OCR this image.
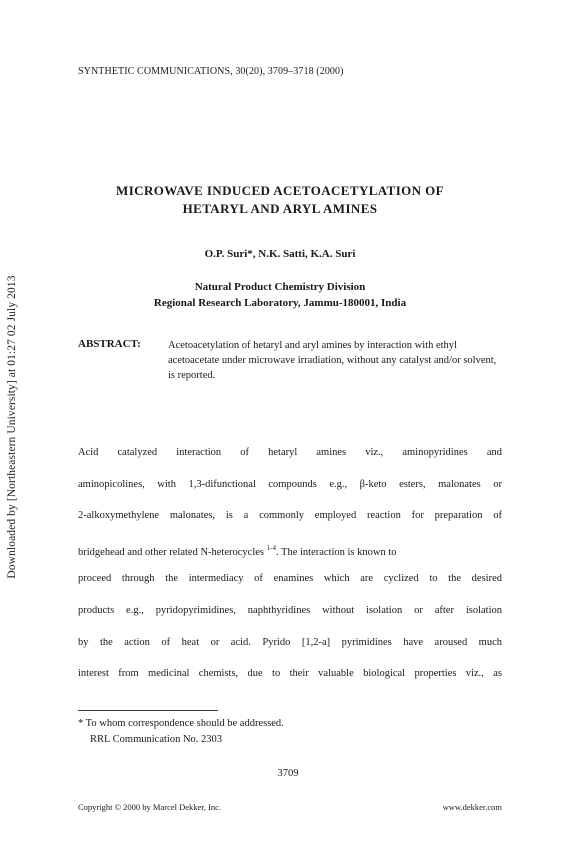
Downloaded by [Northeastern University] at 01:27 02 July 2013
SYNTHETIC COMMUNICATIONS, 30(20), 3709–3718 (2000)
MICROWAVE INDUCED ACETOACETYLATION OF
HETARYL AND ARYL AMINES
O.P. Suri*, N.K. Satti, K.A. Suri
Natural Product Chemistry Division
Regional Research Laboratory, Jammu-180001, India
ABSTRACT:	Acetoacetylation of hetaryl and aryl amines by interaction with ethyl acetoacetate under microwave irradiation, without any catalyst and/or solvent, is reported.
Acid catalyzed interaction of hetaryl amines viz., aminopyridines and
aminopicolines, with 1,3-difunctional compounds e.g., β-keto esters, malonates or
2-alkoxymethylene malonates, is a commonly employed reaction for preparation of
bridgehead and other related N-heterocycles $^{1-4}$. The interaction is known to
proceed through the intermediacy of enamines which are cyclized to the desired
products e.g., pyridopyrimidines, naphthyridines without isolation or after isolation
by the action of heat or acid. Pyrido [1,2-a] pyrimidines have aroused much
interest from medicinal chemists, due to their valuable biological properties viz., as
* To whom correspondence should be addressed.
RRL Communication No. 2303
3709
Copyright © 2000 by Marcel Dekker, Inc.	www.dekker.com
